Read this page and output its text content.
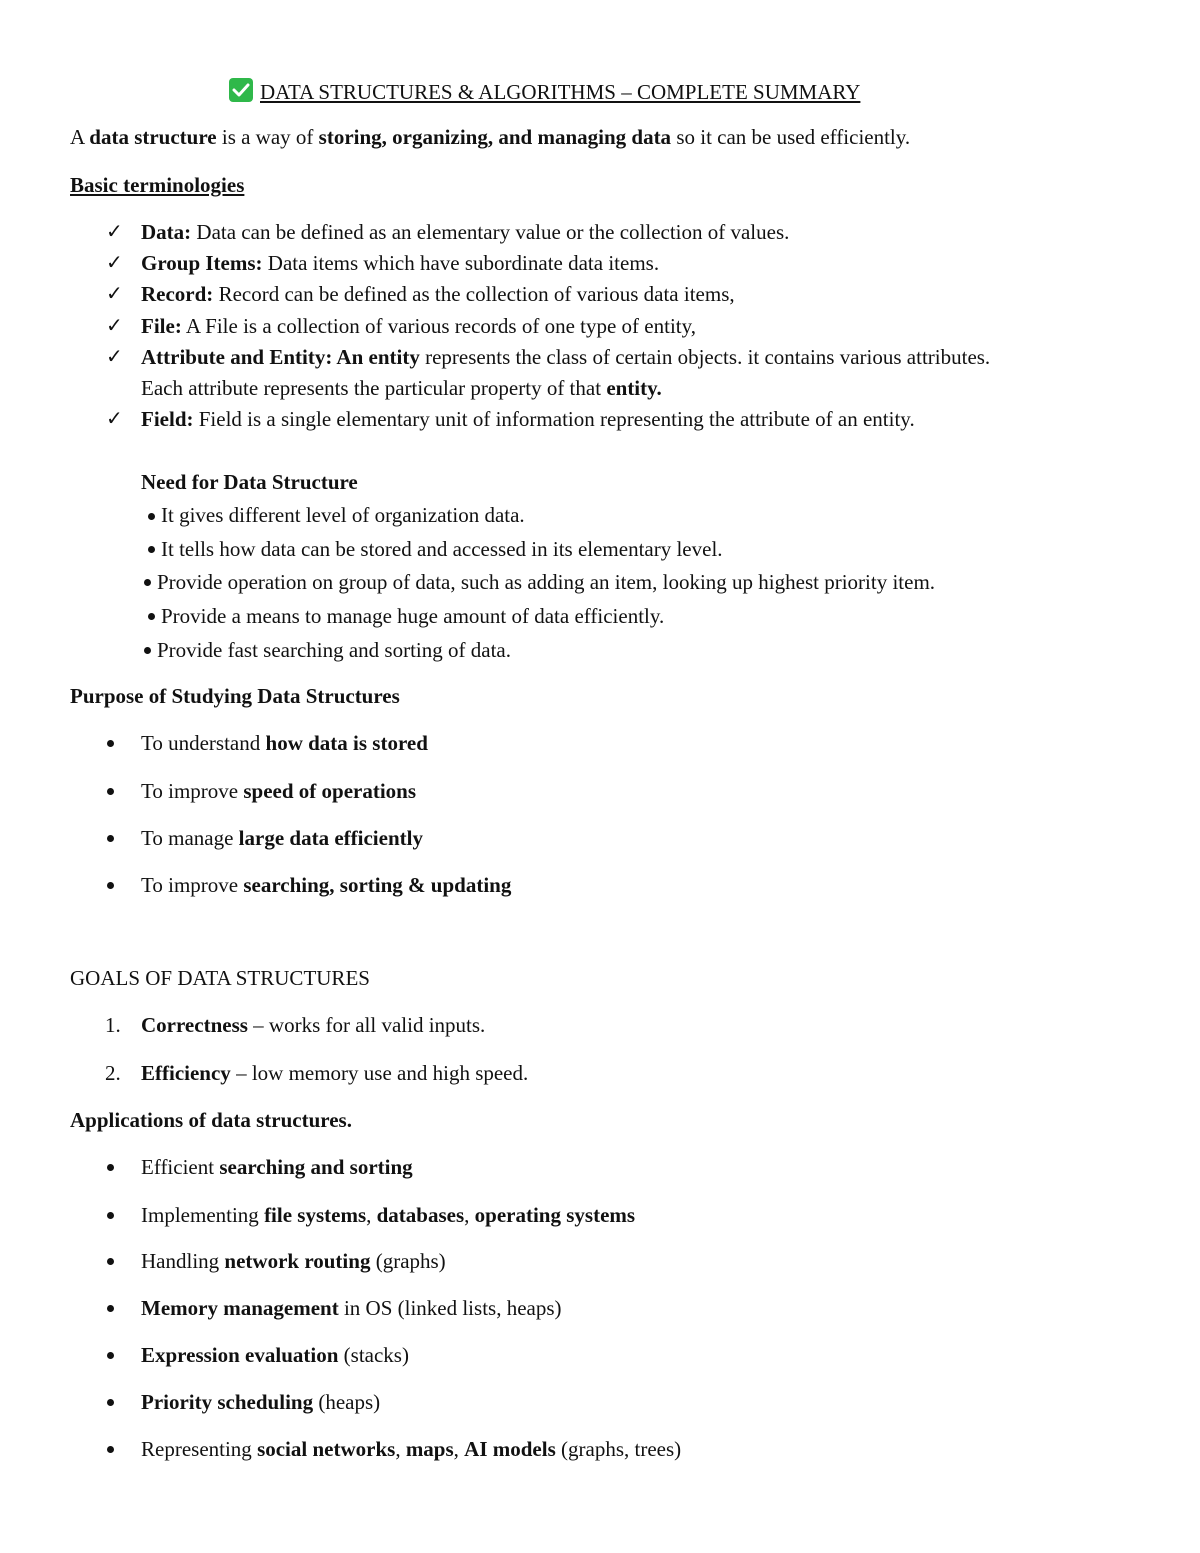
DATA STRUCTURES & ALGORITHMS – COMPLETE SUMMARY
A data structure is a way of storing, organizing, and managing data so it can be used efficiently.
Basic terminologies
✓ Data: Data can be defined as an elementary value or the collection of values.
✓ Group Items: Data items which have subordinate data items.
✓ Record: Record can be defined as the collection of various data items,
✓ File: A File is a collection of various records of one type of entity,
✓ Attribute and Entity: An entity represents the class of certain objects. it contains various attributes.
Each attribute represents the particular property of that entity.
✓ Field: Field is a single elementary unit of information representing the attribute of an entity.
Need for Data Structure
It gives different level of organization data.
It tells how data can be stored and accessed in its elementary level.
Provide operation on group of data, such as adding an item, looking up highest priority item.
Provide a means to manage huge amount of data efficiently.
Provide fast searching and sorting of data.
Purpose of Studying Data Structures
To understand how data is stored
To improve speed of operations
To manage large data efficiently
To improve searching, sorting & updating
GOALS OF DATA STRUCTURES
1. Correctness – works for all valid inputs.
2. Efficiency – low memory use and high speed.
Applications of data structures.
Efficient searching and sorting
Implementing file systems, databases, operating systems
Handling network routing (graphs)
Memory management in OS (linked lists, heaps)
Expression evaluation (stacks)
Priority scheduling (heaps)
Representing social networks, maps, AI models (graphs, trees)
